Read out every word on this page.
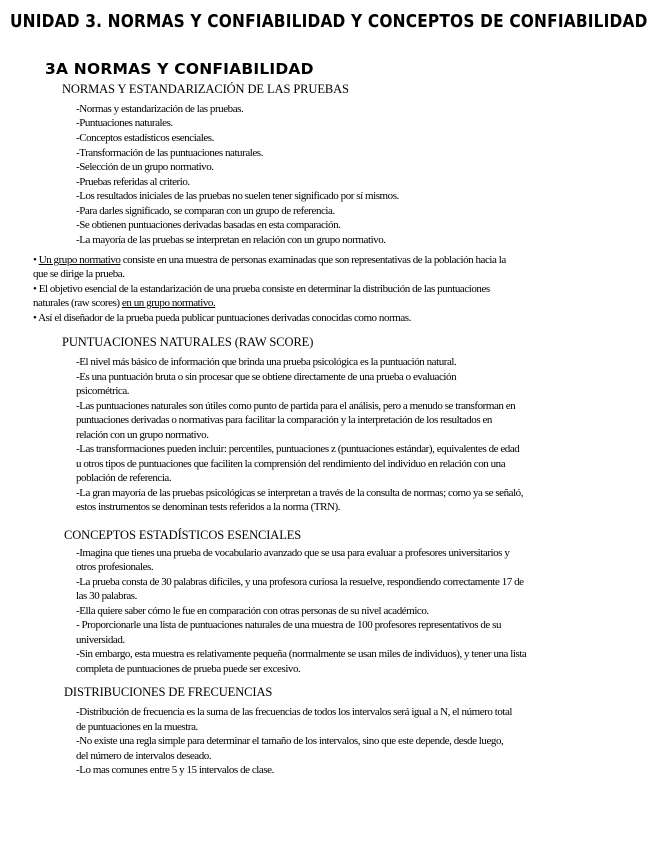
UNIDAD 3. NORMAS Y CONFIABILIDAD Y CONCEPTOS DE CONFIABILIDAD
3A NORMAS Y CONFIABILIDAD
NORMAS Y ESTANDARIZACIÓN DE LAS PRUEBAS
-Normas y estandarización de las pruebas.
-Puntuaciones naturales.
-Conceptos estadísticos esenciales.
-Transformación de las puntuaciones naturales.
-Selección de un grupo normativo.
-Pruebas referidas al criterio.
-Los resultados iniciales de las pruebas no suelen tener significado por sí mismos.
-Para darles significado, se comparan con un grupo de referencia.
-Se obtienen puntuaciones derivadas basadas en esta comparación.
-La mayoría de las pruebas se interpretan en relación con un grupo normativo.
• Un grupo normativo consiste en una muestra de personas examinadas que son representativas de la población hacia la
que se dirige la prueba.
• El objetivo esencial de la estandarización de una prueba consiste en determinar la distribución de las puntuaciones
naturales (raw scores) en un grupo normativo.
• Así el diseñador de la prueba pueda publicar puntuaciones derivadas conocidas como normas.
PUNTUACIONES NATURALES (RAW SCORE)
-El nivel más básico de información que brinda una prueba psicológica es la puntuación natural.
-Es una puntuación bruta o sin procesar que se obtiene directamente de una prueba o evaluación
psicométrica.
-Las puntuaciones naturales son útiles como punto de partida para el análisis, pero a menudo se transforman en
puntuaciones derivadas o normativas para facilitar la comparación y la interpretación de los resultados en
relación con un grupo normativo.
-Las transformaciones pueden incluir: percentiles, puntuaciones z (puntuaciones estándar), equivalentes de edad
u otros tipos de puntuaciones que faciliten la comprensión del rendimiento del individuo en relación con una
población de referencia.
-La gran mayoría de las pruebas psicológicas se interpretan a través de la consulta de normas; como ya se señaló,
estos instrumentos se denominan tests referidos a la norma (TRN).
CONCEPTOS ESTADÍSTICOS ESENCIALES
-Imagina que tienes una prueba de vocabulario avanzado que se usa para evaluar a profesores universitarios y
otros profesionales.
-La prueba consta de 30 palabras difíciles, y una profesora curiosa la resuelve, respondiendo correctamente 17 de
las 30 palabras.
-Ella quiere saber cómo le fue en comparación con otras personas de su nivel académico.
- Proporcionarle una lista de puntuaciones naturales de una muestra de 100 profesores representativos de su
universidad.
-Sin embargo, esta muestra es relativamente pequeña (normalmente se usan miles de individuos), y tener una lista
completa de puntuaciones de prueba puede ser excesivo.
DISTRIBUCIONES DE FRECUENCIAS
-Distribución de frecuencia es la suma de las frecuencias de todos los intervalos será igual a N, el número total
de puntuaciones en la muestra.
-No existe una regla simple para determinar el tamaño de los intervalos, sino que este depende, desde luego,
del número de intervalos deseado.
-Lo mas comunes entre 5 y 15 intervalos de clase.
